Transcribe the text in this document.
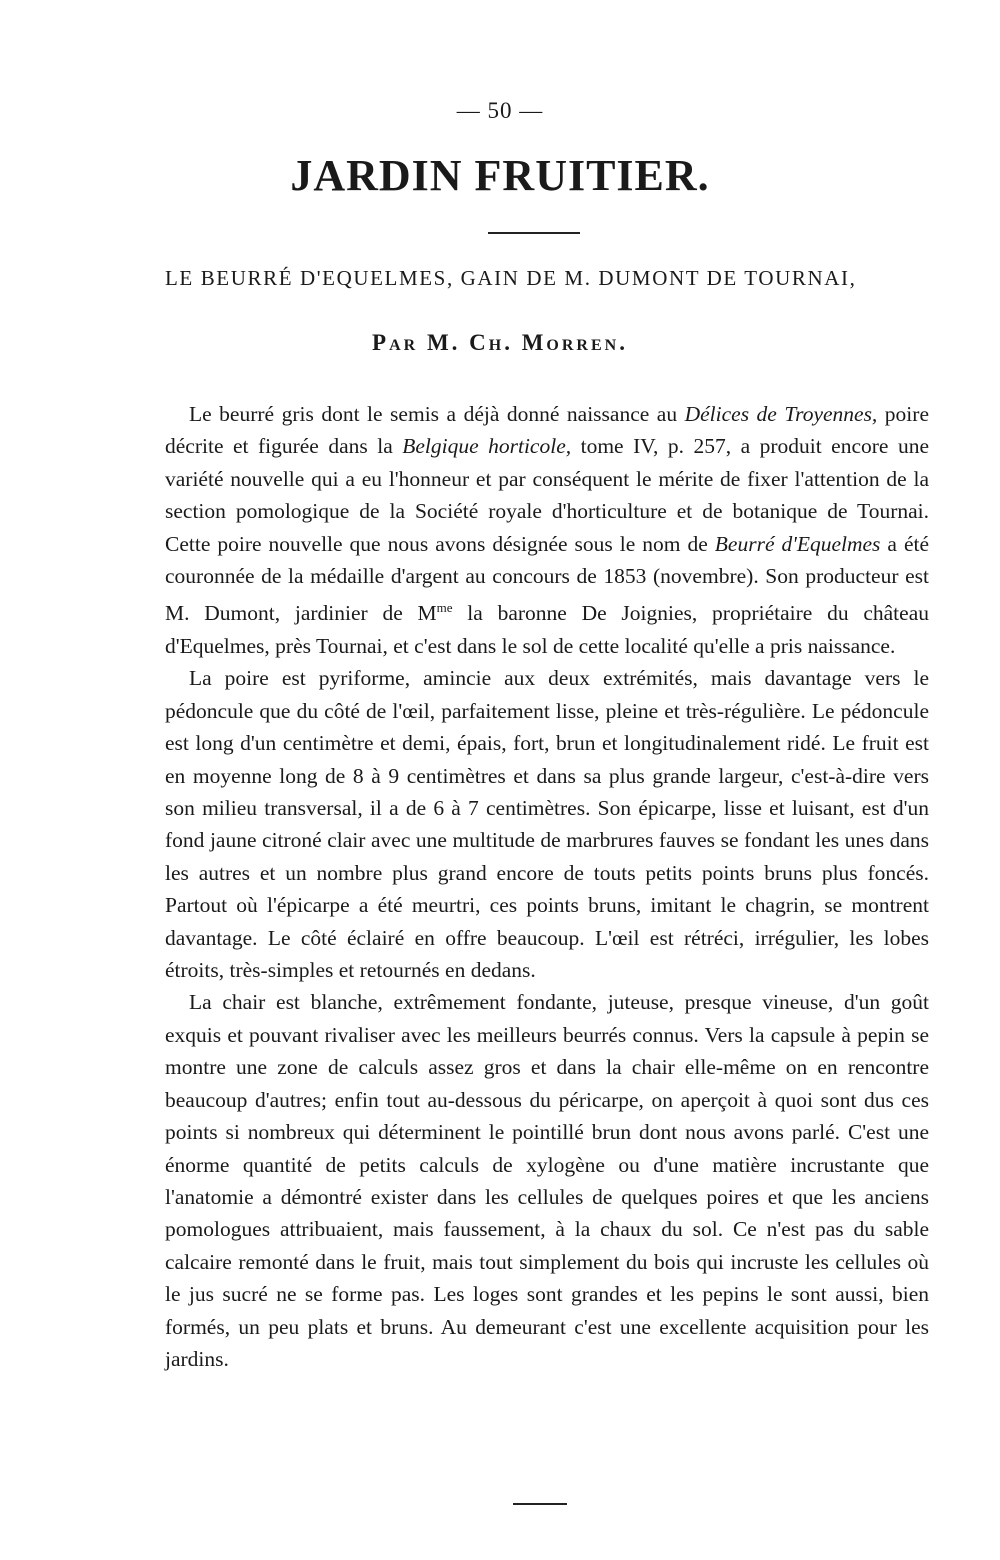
— 50 —
JARDIN FRUITIER.
LE BEURRÉ D'EQUELMES, GAIN DE M. DUMONT DE TOURNAI,
Par M. Ch. Morren.

Le beurré gris dont le semis a déjà donné naissance au Délices de Troyennes, poire décrite et figurée dans la Belgique horticole, tome IV, p. 257, a produit encore une variété nouvelle qui a eu l'honneur et par conséquent le mérite de fixer l'attention de la section pomologique de la Société royale d'horticulture et de botanique de Tournai. Cette poire nouvelle que nous avons désignée sous le nom de Beurré d'Equelmes a été couronnée de la médaille d'argent au concours de 1853 (novembre). Son producteur est M. Dumont, jardinier de $M^{me}$ la baronne De Joignies, propriétaire du château d'Equelmes, près Tournai, et c'est dans le sol de cette localité qu'elle a pris naissance.

La poire est pyriforme, amincie aux deux extrémités, mais davantage vers le pédoncule que du côté de l'œil, parfaitement lisse, pleine et très-régulière. Le pédoncule est long d'un centimètre et demi, épais, fort, brun et longitudinalement ridé. Le fruit est en moyenne long de 8 à 9 centimètres et dans sa plus grande largeur, c'est-à-dire vers son milieu transversal, il a de 6 à 7 centimètres. Son épicarpe, lisse et luisant, est d'un fond jaune citroné clair avec une multitude de marbrures fauves se fondant les unes dans les autres et un nombre plus grand encore de touts petits points bruns plus foncés. Partout où l'épicarpe a été meurtri, ces points bruns, imitant le chagrin, se montrent davantage. Le côté éclairé en offre beaucoup. L'œil est rétréci, irrégulier, les lobes étroits, très-simples et retournés en dedans.

La chair est blanche, extrêmement fondante, juteuse, presque vineuse, d'un goût exquis et pouvant rivaliser avec les meilleurs beurrés connus. Vers la capsule à pepin se montre une zone de calculs assez gros et dans la chair elle-même on en rencontre beaucoup d'autres; enfin tout au-dessous du péricarpe, on aperçoit à quoi sont dus ces points si nombreux qui déterminent le pointillé brun dont nous avons parlé. C'est une énorme quantité de petits calculs de xylogène ou d'une matière incrustante que l'anatomie a démontré exister dans les cellules de quelques poires et que les anciens pomologues attribuaient, mais faussement, à la chaux du sol. Ce n'est pas du sable calcaire remonté dans le fruit, mais tout simplement du bois qui incruste les cellules où le jus sucré ne se forme pas. Les loges sont grandes et les pepins le sont aussi, bien formés, un peu plats et bruns. Au demeurant c'est une excellente acquisition pour les jardins.
